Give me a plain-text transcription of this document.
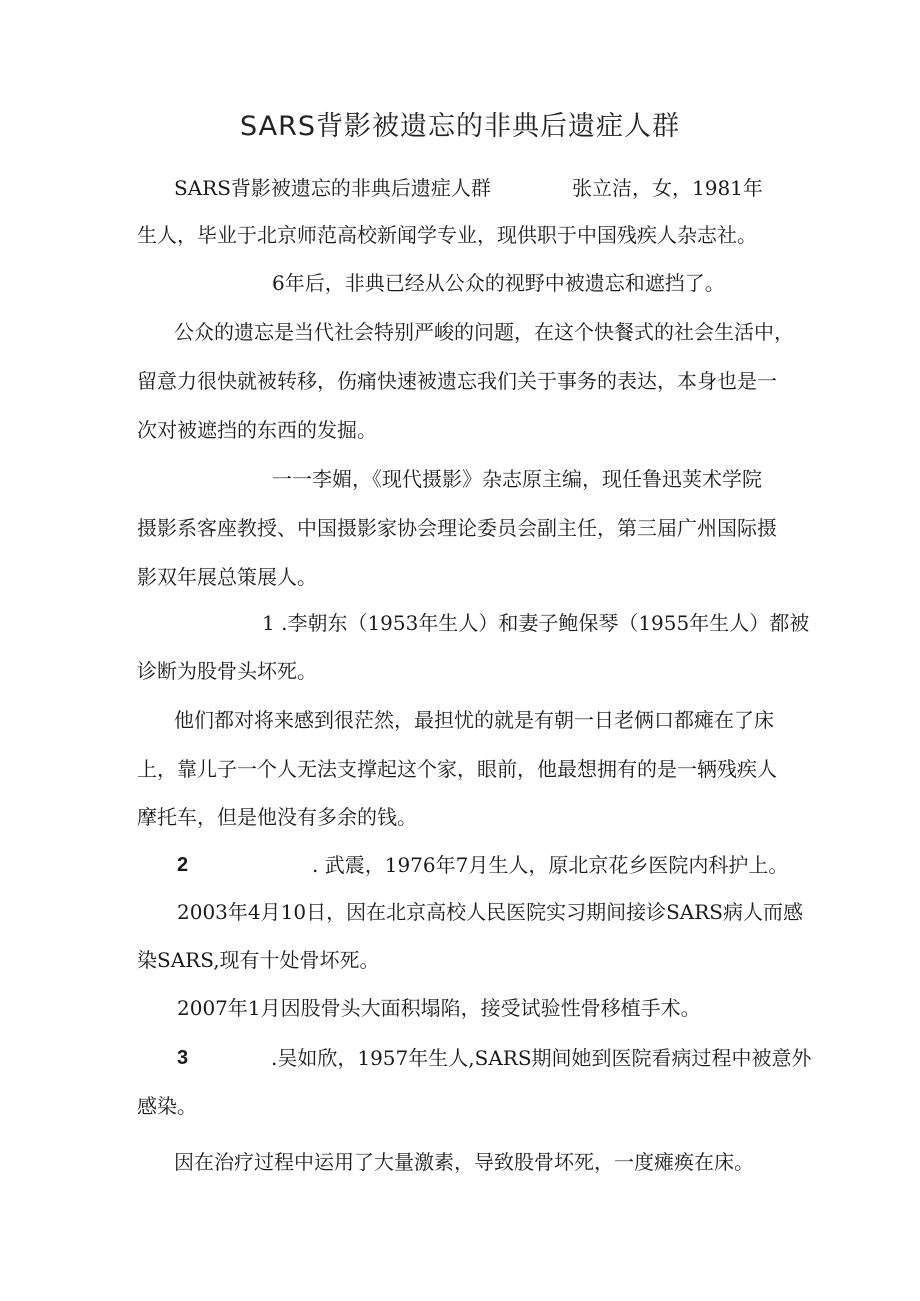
SARS背影被遗忘的非典后遗症人群
SARS背影被遗忘的非典后遗症人群	张立洁，女，1981年
生人，毕业于北京师范高校新闻学专业，现供职于中国残疾人杂志社。
6年后，非典已经从公众的视野中被遗忘和遮挡了。
公众的遗忘是当代社会特别严峻的问题，在这个快餐式的社会生活中，
留意力很快就被转移，伤痛快速被遗忘我们关于事务的表达，本身也是一
次对被遮挡的东西的发掘。
一一李媚，《现代摄影》杂志原主编，现任鲁迅荚术学院
摄影系客座教授、中国摄影家协会理论委员会副主任，第三届广州国际摄
影双年展总策展人。
1 .李朝东（1953年生人）和妻子鲍保琴（1955年生人）都被
诊断为股骨头坏死。
他们都对将来感到很茫然，最担忧的就是有朝一日老俩口都瘫在了床
上，靠儿子一个人无法支撑起这个家，眼前，他最想拥有的是一辆残疾人
摩托车，但是他没有多余的钱。
2	. 武震，1976年7月生人，原北京花乡医院内科护上。
2003年4月10日，因在北京高校人民医院实习期间接诊SARS病人而感
染SARS,现有十处骨坏死。
2007年1月因股骨头大面积塌陷，接受试验性骨移植手术。
3	.吴如欣，1957年生人,SARS期间她到医院看病过程中被意外
感染。
因在治疗过程中运用了大量激素，导致股骨坏死，一度瘫痪在床。
